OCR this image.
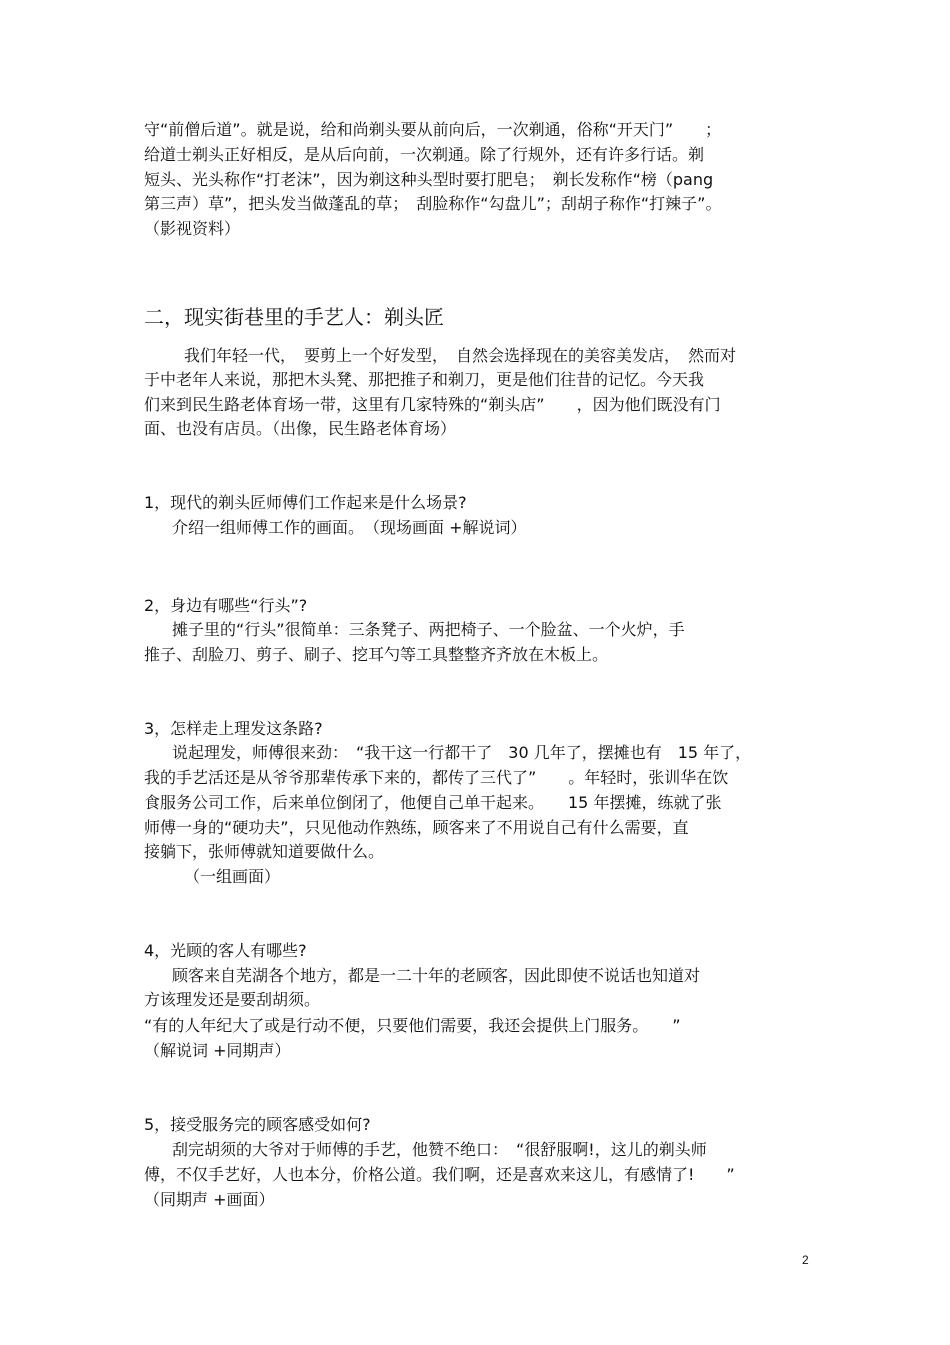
守“前僧后道”。就是说，给和尚剃头要从前向后，一次剃通，俗称“开天门”　　；

给道士剃头正好相反，是从后向前，一次剃通。除了行规外，还有许多行话。剃

短头、光头称作“打老沫”，因为剃这种头型时要打肥皂；　剃长发称作“榜（pang

第三声）草”，把头发当做蓬乱的草；　刮脸称作“勾盘儿”；刮胡子称作“打辣子”。

（影视资料）

二，现实街巷里的手艺人：剃头匠

我们年轻一代，　要剪上一个好发型，　自然会选择现在的美容美发店，　然而对

于中老年人来说，那把木头凳、那把推子和剃刀，更是他们往昔的记忆。今天我

们来到民生路老体育场一带，这里有几家特殊的“剃头店”　　，因为他们既没有门

面、也没有店员。（出像，民生路老体育场）

1，现代的剃头匠师傅们工作起来是什么场景?

介绍一组师傅工作的画面。　（现场画面 +解说词）

2，身边有哪些“行头”?

摊子里的“行头”很简单：三条凳子、两把椅子、一个脸盆、一个火炉，手

推子、刮脸刀、剪子、刷子、挖耳勺等工具整整齐齐放在木板上。

3，怎样走上理发这条路?

说起理发，师傅很来劲：　“我干这一行都干了　30 几年了，摆摊也有　15 年了，

我的手艺活还是从爷爷那辈传承下来的，都传了三代了”　　。年轻时，张训华在饮

食服务公司工作，后来单位倒闭了，他便自己单干起来。　　15 年摆摊，练就了张

师傅一身的“硬功夫”，只见他动作熟练，顾客来了不用说自己有什么需要，直

接躺下，张师傅就知道要做什么。

（一组画面）

4，光顾的客人有哪些?

顾客来自芜湖各个地方，都是一二十年的老顾客，因此即使不说话也知道对

方该理发还是要刮胡须。

“有的人年纪大了或是行动不便，只要他们需要，我还会提供上门服务。　　”

（解说词 +同期声）

5，接受服务完的顾客感受如何?

刮完胡须的大爷对于师傅的手艺，他赞不绝口：　“很舒服啊!，这儿的剃头师

傅，不仅手艺好，人也本分，价格公道。我们啊，还是喜欢来这儿，有感情了!　　”

（同期声 +画面）

2
